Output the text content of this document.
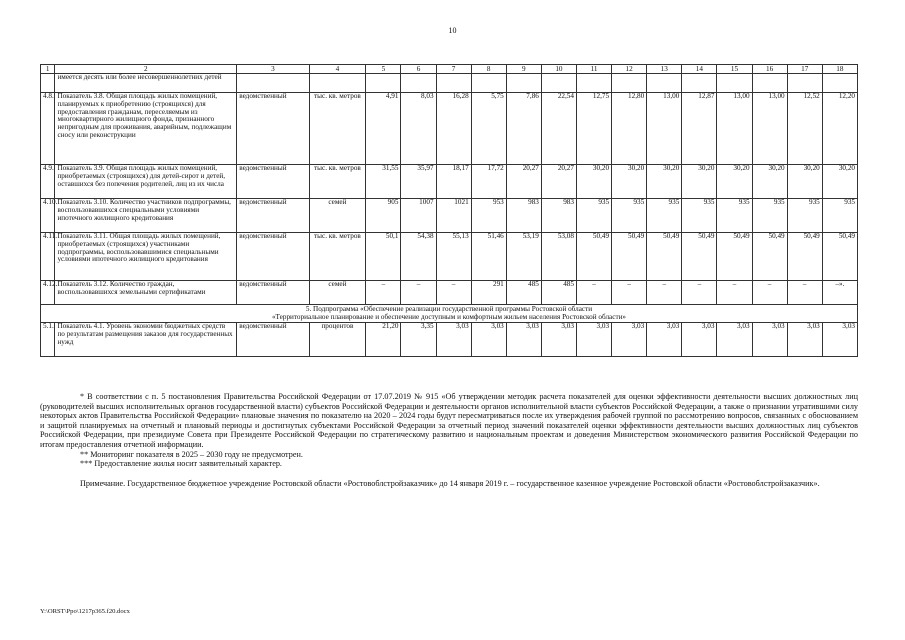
10
1	2	3	4	5	6	7	8	9	10	11	12	13	14	15	16	17	18
	имеется десять или более несовершеннолетних детей																
4.8.	Показатель 3.8. Общая площадь жилых помещений, планируемых к приобретению (строящихся) для предоставления гражданам, переселяемым из многоквартирного жилищного фонда, признанного непригодным для проживания, аварийным, подлежащим сносу или реконструкции	ведомственный	тыс. кв. метров	4,91	8,03	16,28	5,75	7,86	22,54	12,75	12,80	13,00	12,87	13,00	13,00	12,52	12,20
4.9.	Показатель 3.9. Общая площадь жилых помещений, приобретаемых (строящихся) для детей-сирот и детей, оставшихся без попечения родителей, лиц из их числа	ведомственный	тыс. кв. метров	31,55	35,97	18,17	17,72	20,27	20,27	30,20	30,20	30,20	30,20	30,20	30,20	30,20	30,20
4.10.	Показатель 3.10. Количество участников подпрограммы, воспользовавшихся специальными условиями ипотечного жилищного кредитования	ведомственный	семей	905	1007	1021	953	983	983	935	935	935	935	935	935	935	935
4.11.	Показатель 3.11. Общая площадь жилых помещений, приобретаемых (строящихся) участниками подпрограммы, воспользовавшимися специальными условиями ипотечного жилищного кредитования	ведомственный	тыс. кв. метров	50,1	54,38	55,13	51,46	53,19	53,08	50,49	50,49	50,49	50,49	50,49	50,49	50,49	50,49
4.12.	Показатель 3.12. Количество граждан, воспользовавшихся земельными сертификатами	ведомственный	семей	–	–	–	291	485	485	–	–	–	–	–	–	–	–».

5. Подпрограмма «Обеспечение реализации государственной программы Ростовской области
«Территориальное планирование и обеспечение доступным и комфортным жильем населения Ростовской области»																	

5.1.	Показатель 4.1. Уровень экономии бюджетных средств по результатам размещения заказов для государственных нужд	ведомственный	процентов	21,20	3,35	3,03	3,03	3,03	3,03	3,03	3,03	3,03	3,03	3,03	3,03	3,03	3,03

* В соответствии с п. 5 постановления Правительства Российской Федерации от 17.07.2019 № 915 «Об утверждении методик расчета показателей для оценки эффективности деятельности высших должностных лиц (руководителей высших исполнительных органов государственной власти) субъектов Российской Федерации и деятельности органов исполнительной власти субъектов Российской Федерации, а также о признании утратившими силу некоторых актов Правительства Российской Федерации» плановые значения по показателю на 2020 – 2024 годы будут пересматриваться после их утверждения рабочей группой по рассмотрению вопросов, связанных с обоснованием и защитой планируемых на отчетный и плановый периоды и достигнутых субъектами Российской Федерации за отчетный период значений показателей оценки эффективности деятельности высших должностных лиц субъектов Российской Федерации, при президиуме Совета при Президенте Российской Федерации по стратегическому развитию и национальным проектам и доведения Министерством экономического развития Российской Федерации по итогам предоставления отчетной информации.

** Мониторинг показателя в 2025 – 2030 году не предусмотрен.

*** Предоставление жилья носит заявительный характер.

Примечание. Государственное бюджетное учреждение Ростовской области «Ростовоблстройзаказчик» до 14 января 2019 г. – государственное казенное учреждение Ростовской области «Ростовоблстройзаказчик».

Y:\ORST\Ppo\1217p365.f20.docx
